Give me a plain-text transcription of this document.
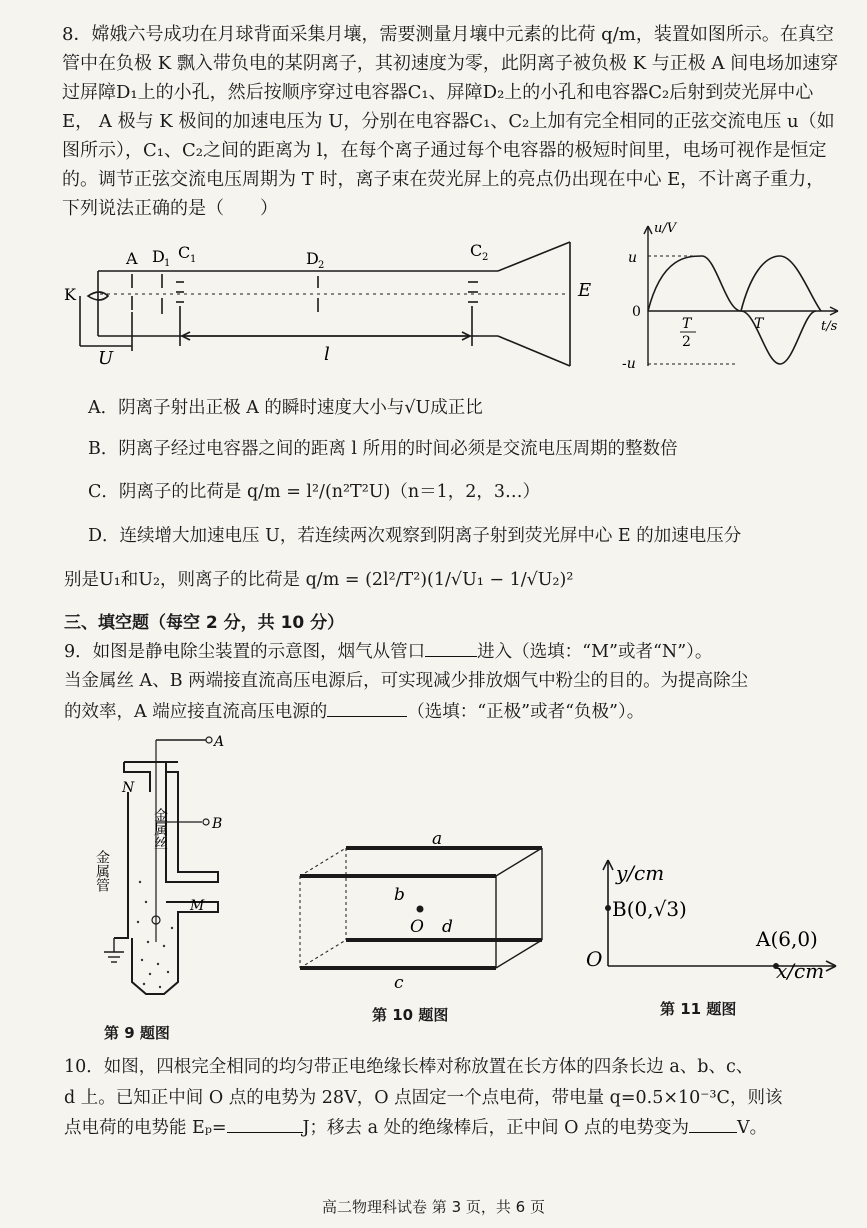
8．嫦娥六号成功在月球背面采集月壤，需要测量月壤中元素的比荷 q/m，装置如图所示。在真空管中在负极 K 飘入带负电的某阴离子，其初速度为零，此阴离子被负极 K 与正极 A 间电场加速穿过屏障D₁上的小孔，然后按顺序穿过电容器C₁、屏障D₂上的小孔和电容器C₂后射到荧光屏中心 E， A 极与 K 极间的加速电压为 U，分别在电容器C₁、C₂上加有完全相同的正弦交流电压 u（如图所示），C₁、C₂之间的距离为 l，在每个离子通过每个电容器的极短时间里，电场可视作是恒定的。调节正弦交流电压周期为 T 时，离子束在荧光屏上的亮点仍出现在中心 E，不计离子重力，下列说法正确的是（　　）

A D 1
C 1	D 2
C 2
E
K
U	l
u/V
t/s
u
-u
0
T
2
T

A．阴离子射出正极 A 的瞬时速度大小与√U成正比

B．阴离子经过电容器之间的距离 l 所用的时间必须是交流电压周期的整数倍

C．阴离子的比荷是 q/m = l²/(n²T²U)（n＝1，2，3…）

D．连续增大加速电压 U，若连续两次观察到阴离子射到荧光屏中心 E 的加速电压分

别是U₁和U₂，则离子的比荷是 q/m = (2l²/T²)(1/√U₁ − 1/√U₂)²

三、填空题（每空 2 分，共 10 分）

9．如图是静电除尘装置的示意图，烟气从管口	进入（选填：“M”或者“N”）。

当金属丝 A、B 两端接直流高压电源后，可实现减少排放烟气中粉尘的目的。为提高除尘

的效率，A 端应接直流高压电源的	（选填：“正极”或者“负极”）。

A
B
N
M
金属管
金属丝
第 9 题图
a
b
O d
c
第 10 题图
y/cm
x/cm
O
B(0,√3)
A(6,0)
第 11 题图

10．如图，四根完全相同的均匀带正电绝缘长棒对称放置在长方体的四条长边 a、b、c、

d 上。已知正中间 O 点的电势为 28V，O 点固定一个点电荷，带电量 q=0.5×10⁻³C，则该

点电荷的电势能 Eₚ=	J；移去 a 处的绝缘棒后，正中间 O 点的电势变为	V。

高二物理科试卷 第 3 页，共 6 页
